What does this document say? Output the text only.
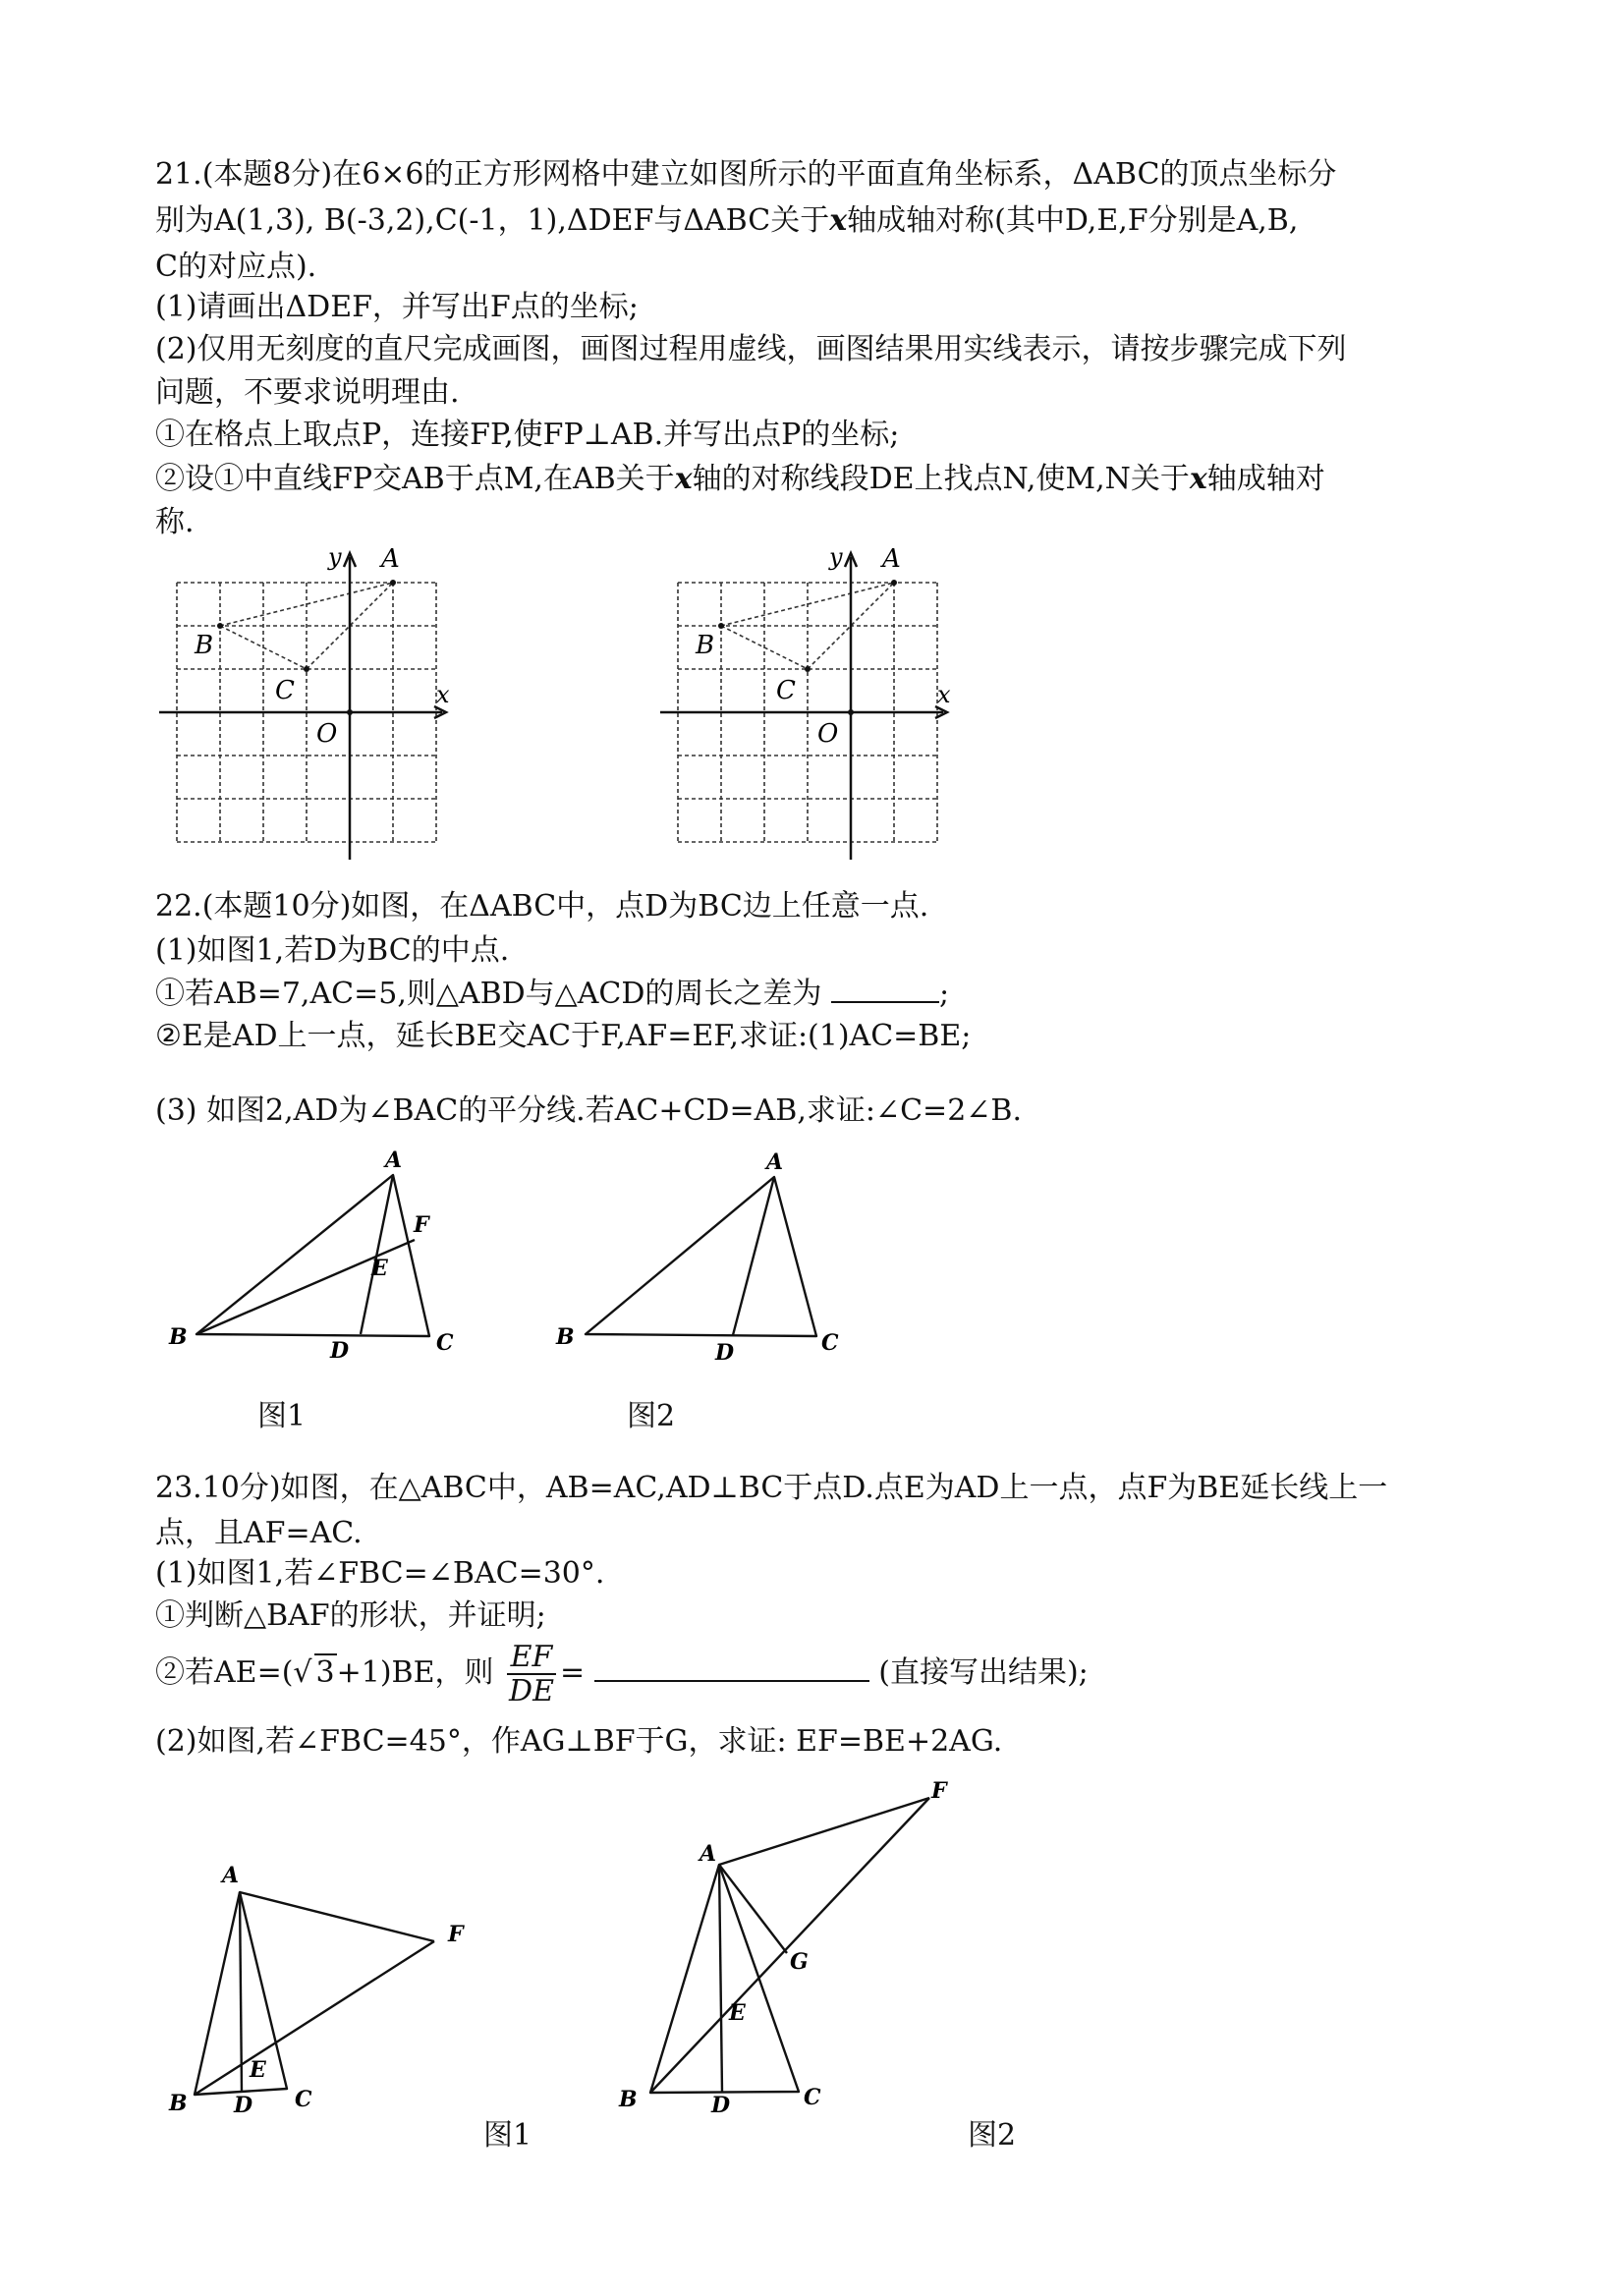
21.(本题8分)在6×6的正方形网格中建立如图所示的平面直角坐标系，ΔABC的顶点坐标分
别为A(1,3), B(-3,2),C(-1，1),ΔDEF与ΔABC关于x轴成轴对称(其中D,E,F分别是A,B,
C的对应点).
(1)请画出ΔDEF，并写出F点的坐标;
(2)仅用无刻度的直尺完成画图，画图过程用虚线，画图结果用实线表示，请按步骤完成下列
问题，不要求说明理由.
①在格点上取点P，连接FP,使FP⊥AB.并写出点P的坐标;
②设①中直线FP交AB于点M,在AB关于x轴的对称线段DE上找点N,使M,N关于x轴成轴对
称.
y A
B
C	x
O
y A
B
C	x
O
22.(本题10分)如图，在ΔABC中，点D为BC边上任意一点.
(1)如图1,若D为BC的中点.
①若AB=7,AC=5,则△ABD与△ACD的周长之差为	;
②E是AD上一点，延长BE交AC于F,AF=EF,求证:(1)AC=BE;
(3) 如图2,AD为∠BAC的平分线.若AC+CD=AB,求证:∠C=2∠B.
A
F
E
B
D	C
图1
A
B
D	C
图2
23.10分)如图，在△ABC中，AB=AC,AD⊥BC于点D.点E为AD上一点，点F为BE延长线上一
点，且AF=AC.
(1)如图1,若∠FBC=∠BAC=30°.
①判断△BAF的形状，并证明;
②若AE=(√ 3+1)BE，则 $\frac{EF}{DE}$ =	(直接写出结果);
(2)如图,若∠FBC=45°，作AG⊥BF于G，求证: EF=BE+2AG.
A
F
E
B D C
图1
F
A
G
E
B	D	C
图2
